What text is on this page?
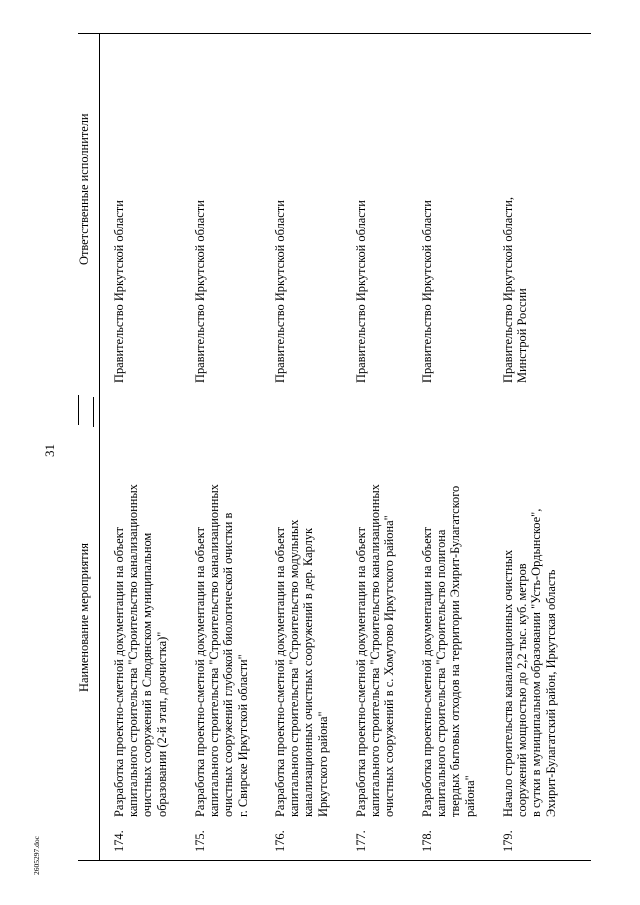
31
Наименование мероприятия
Ответственные исполнители
174.
Разработка проектно-сметной документации на объект капитального строительства "Строительство канализационных очистных сооружений в Слюдянском муниципальном образовании (2-й этап, доочистка)"
Правительство Иркутской области
175.
Разработка проектно-сметной документации на объект капитального строительства "Строительство канализационных очистных сооружений глубокой биологической очистки в г. Свирске Иркутской области"
Правительство Иркутской области
176.
Разработка проектно-сметной документации на объект капитального строительства "Строительство модульных канализационных очистных сооружений в дер. Карлук Иркутского района"
Правительство Иркутской области
177.
Разработка проектно-сметной документации на объект капитального строительства "Строительство канализационных очистных сооружений в с. Хомутово Иркутского района"
Правительство Иркутской области
178.
Разработка проектно-сметной документации на объект капитального строительства "Строительство полигона твердых бытовых отходов на территории Эхирит-Булагатского района"
Правительство Иркутской области
179.
Начало строительства канализационных очистных сооружений мощностью до 2,2 тыс. куб. метров в сутки в муниципальном образовании "Усть-Ордынское", Эхирит-Булагатский район, Иркутская область
Правительство Иркутской области, Минстрой России
2605297.doc
